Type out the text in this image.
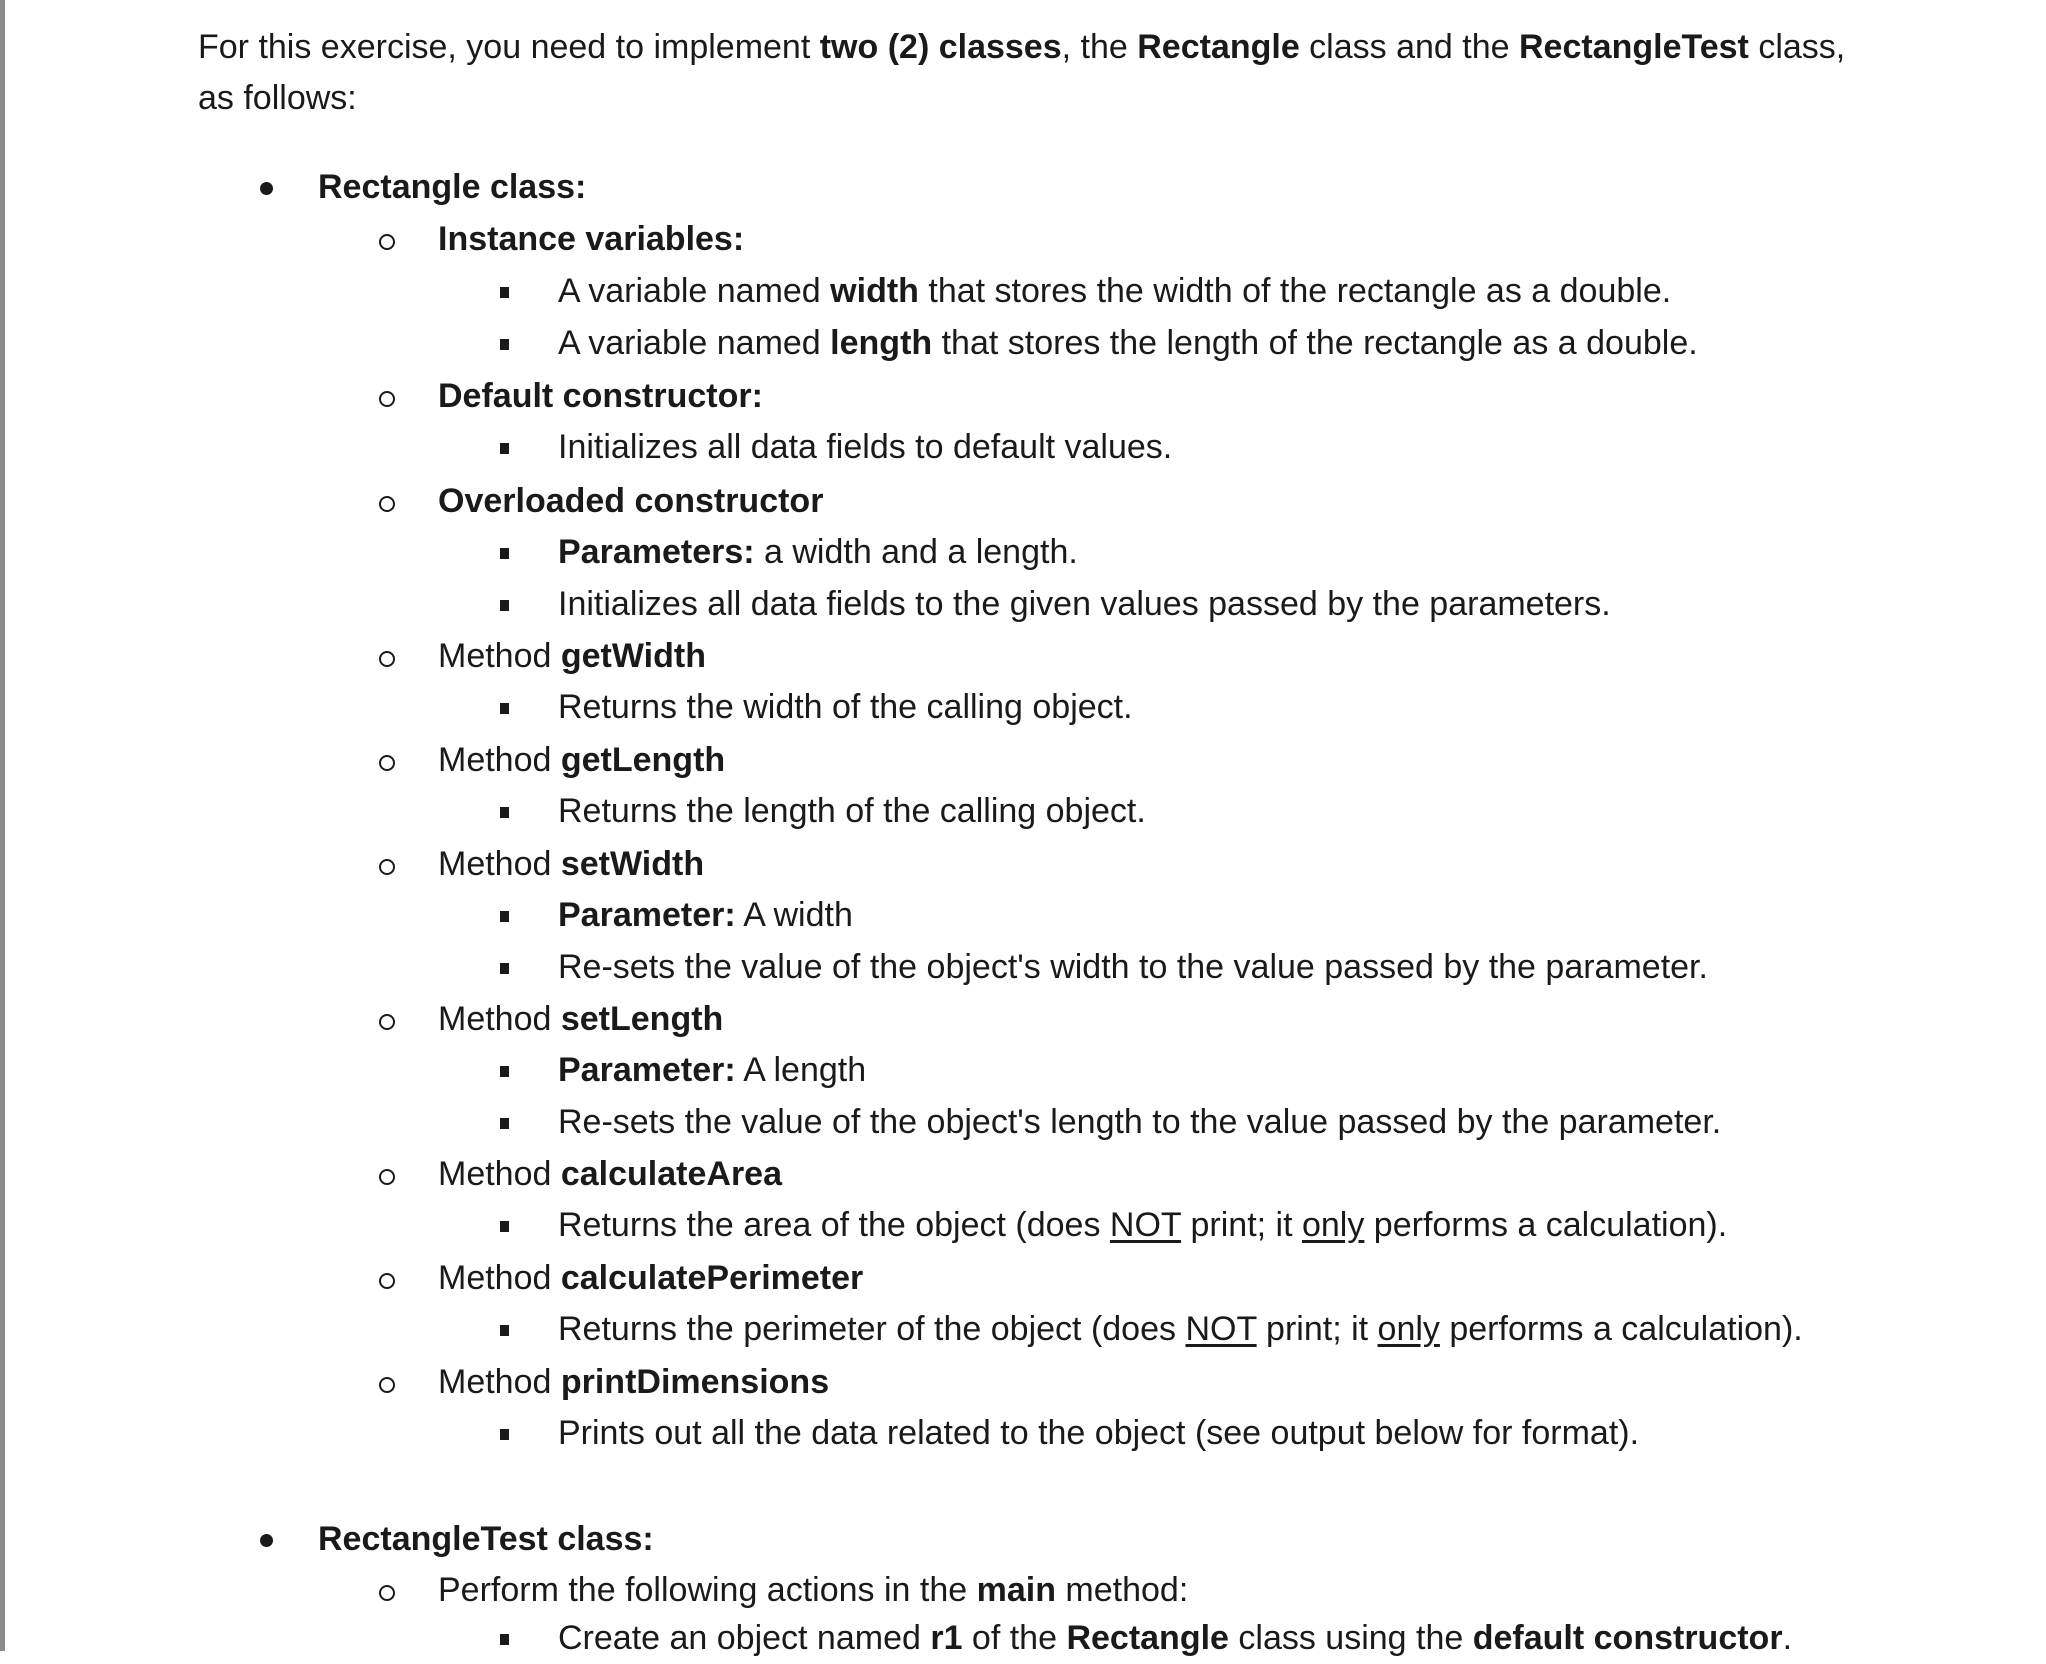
For this exercise, you need to implement two (2) classes, the Rectangle class and the RectangleTest class, as follows:

Rectangle class:
Instance variables:
A variable named width that stores the width of the rectangle as a double.
A variable named length that stores the length of the rectangle as a double.
Default constructor:
Initializes all data fields to default values.
Overloaded constructor
Parameters: a width and a length.
Initializes all data fields to the given values passed by the parameters.
Method getWidth
Returns the width of the calling object.
Method getLength
Returns the length of the calling object.
Method setWidth
Parameter: A width
Re-sets the value of the object's width to the value passed by the parameter.
Method setLength
Parameter: A length
Re-sets the value of the object's length to the value passed by the parameter.
Method calculateArea
Returns the area of the object (does NOT print; it only performs a calculation).
Method calculatePerimeter
Returns the perimeter of the object (does NOT print; it only performs a calculation).
Method printDimensions
Prints out all the data related to the object (see output below for format).
RectangleTest class:
Perform the following actions in the main method:
Create an object named r1 of the Rectangle class using the default constructor.
